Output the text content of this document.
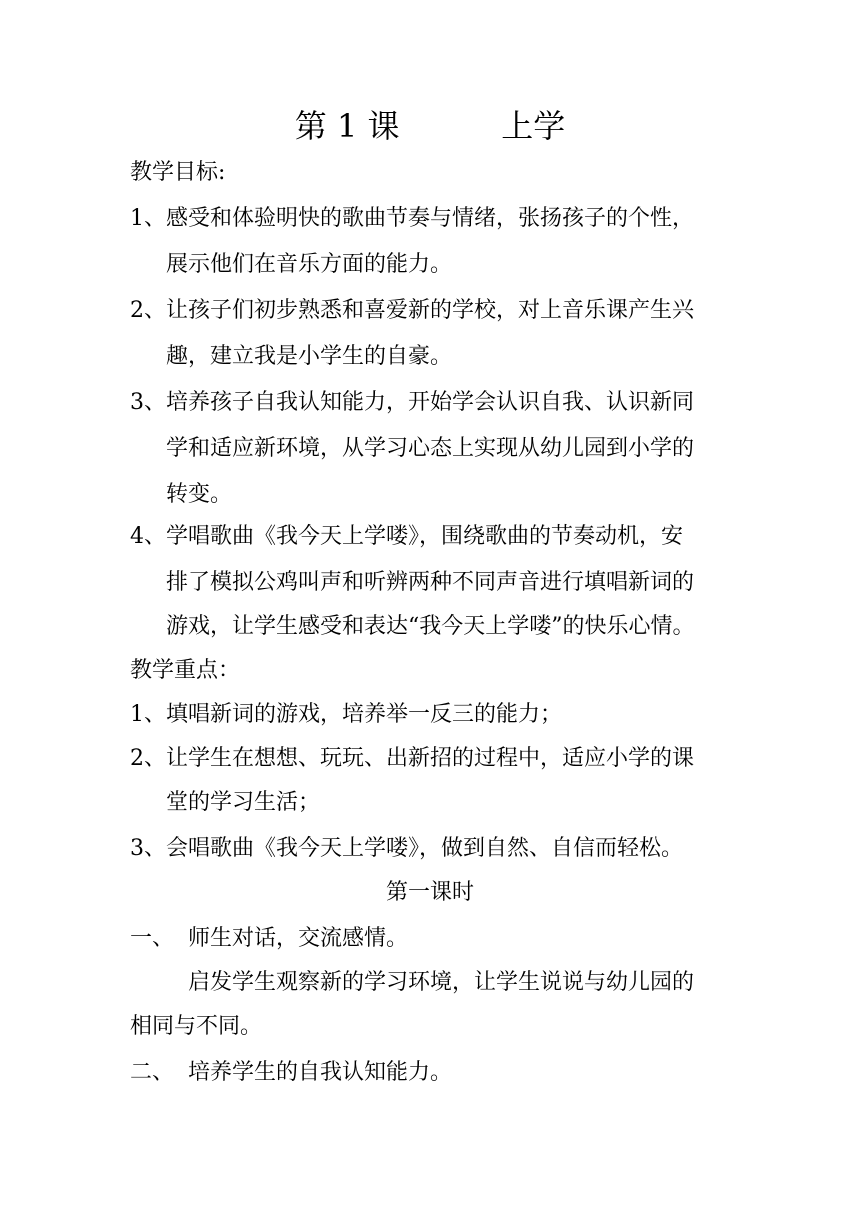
第 1 课          上学
教学目标:
1、感受和体验明快的歌曲节奏与情绪，张扬孩子的个性，
展示他们在音乐方面的能力。
2、让孩子们初步熟悉和喜爱新的学校，对上音乐课产生兴
趣，建立我是小学生的自豪。
3、培养孩子自我认知能力，开始学会认识自我、认识新同
学和适应新环境，从学习心态上实现从幼儿园到小学的
转变。
4、学唱歌曲《我今天上学喽》，围绕歌曲的节奏动机，安
排了模拟公鸡叫声和听辨两种不同声音进行填唱新词的
游戏，让学生感受和表达“我今天上学喽”的快乐心情。
教学重点：
1、填唱新词的游戏，培养举一反三的能力；
2、让学生在想想、玩玩、出新招的过程中，适应小学的课
堂的学习生活；
3、会唱歌曲《我今天上学喽》，做到自然、自信而轻松。
第一课时
一、 师生对话，交流感情。
启发学生观察新的学习环境，让学生说说与幼儿园的
相同与不同。
二、 培养学生的自我认知能力。
